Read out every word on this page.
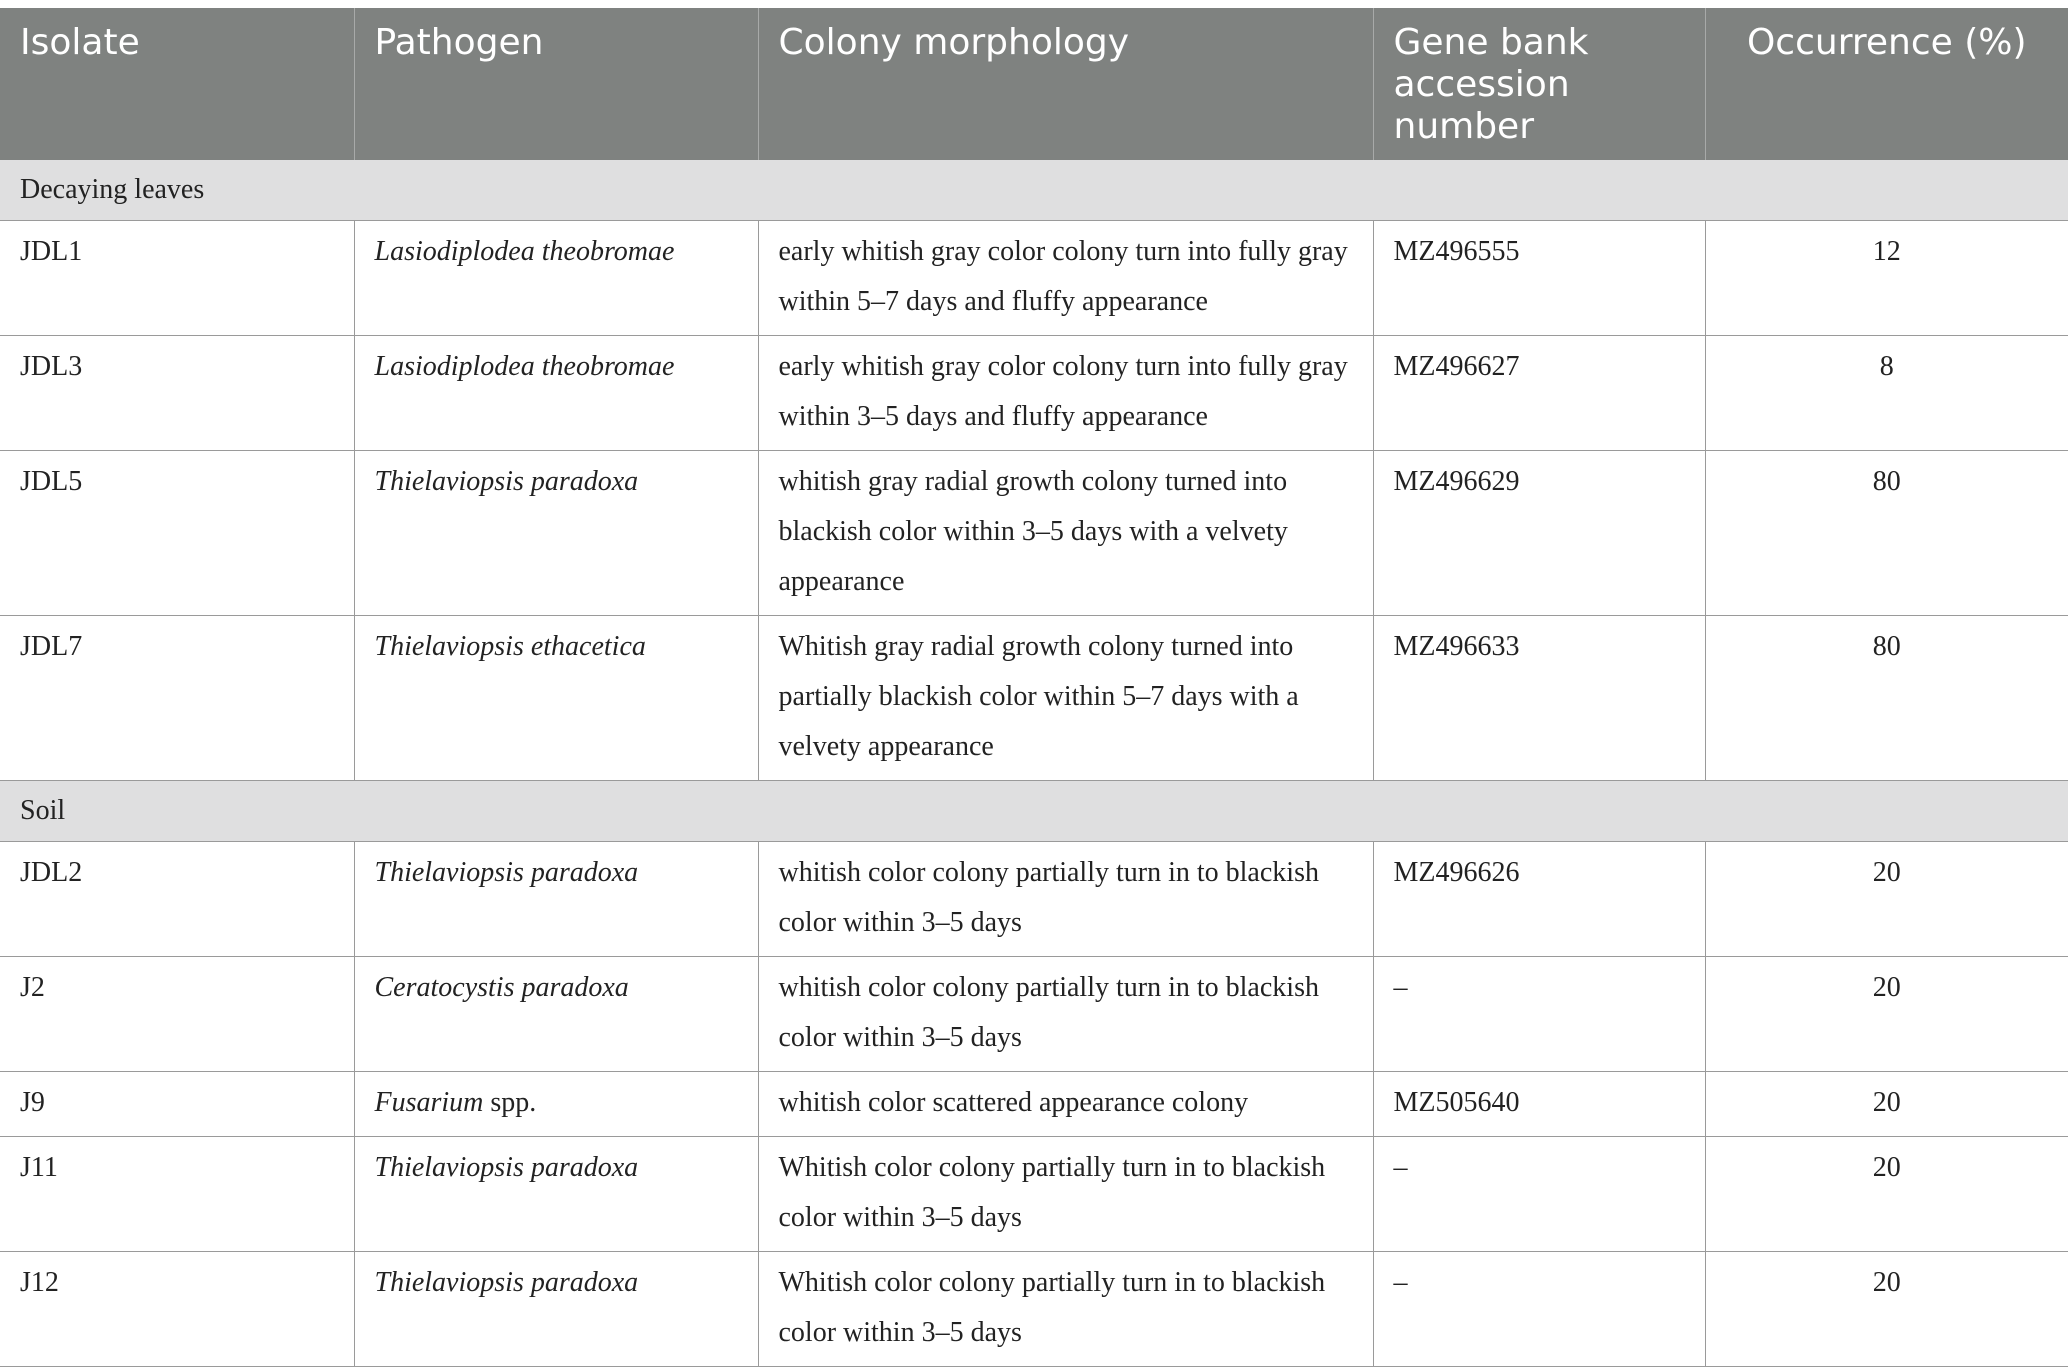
Isolate	Pathogen	Colony morphology	Gene bank accession number	Occurrence (%)
Decaying leaves				
JDL1	Lasiodiplodea theobromae	early whitish gray color colony turn into fully gray within 5–7 days and fluffy appearance	MZ496555	12
JDL3	Lasiodiplodea theobromae	early whitish gray color colony turn into fully gray within 3–5 days and fluffy appearance	MZ496627	8
JDL5	Thielaviopsis paradoxa	whitish gray radial growth colony turned into blackish color within 3–5 days with a velvety appearance	MZ496629	80
JDL7	Thielaviopsis ethacetica	Whitish gray radial growth colony turned into partially blackish color within 5–7 days with a velvety appearance	MZ496633	80
Soil				
JDL2	Thielaviopsis paradoxa	whitish color colony partially turn in to blackish color within 3–5 days	MZ496626	20
J2	Ceratocystis paradoxa	whitish color colony partially turn in to blackish color within 3–5 days	–	20
J9	Fusarium spp.	whitish color scattered appearance colony	MZ505640	20
J11	Thielaviopsis paradoxa	Whitish color colony partially turn in to blackish color within 3–5 days	–	20
J12	Thielaviopsis paradoxa	Whitish color colony partially turn in to blackish color within 3–5 days	–	20
